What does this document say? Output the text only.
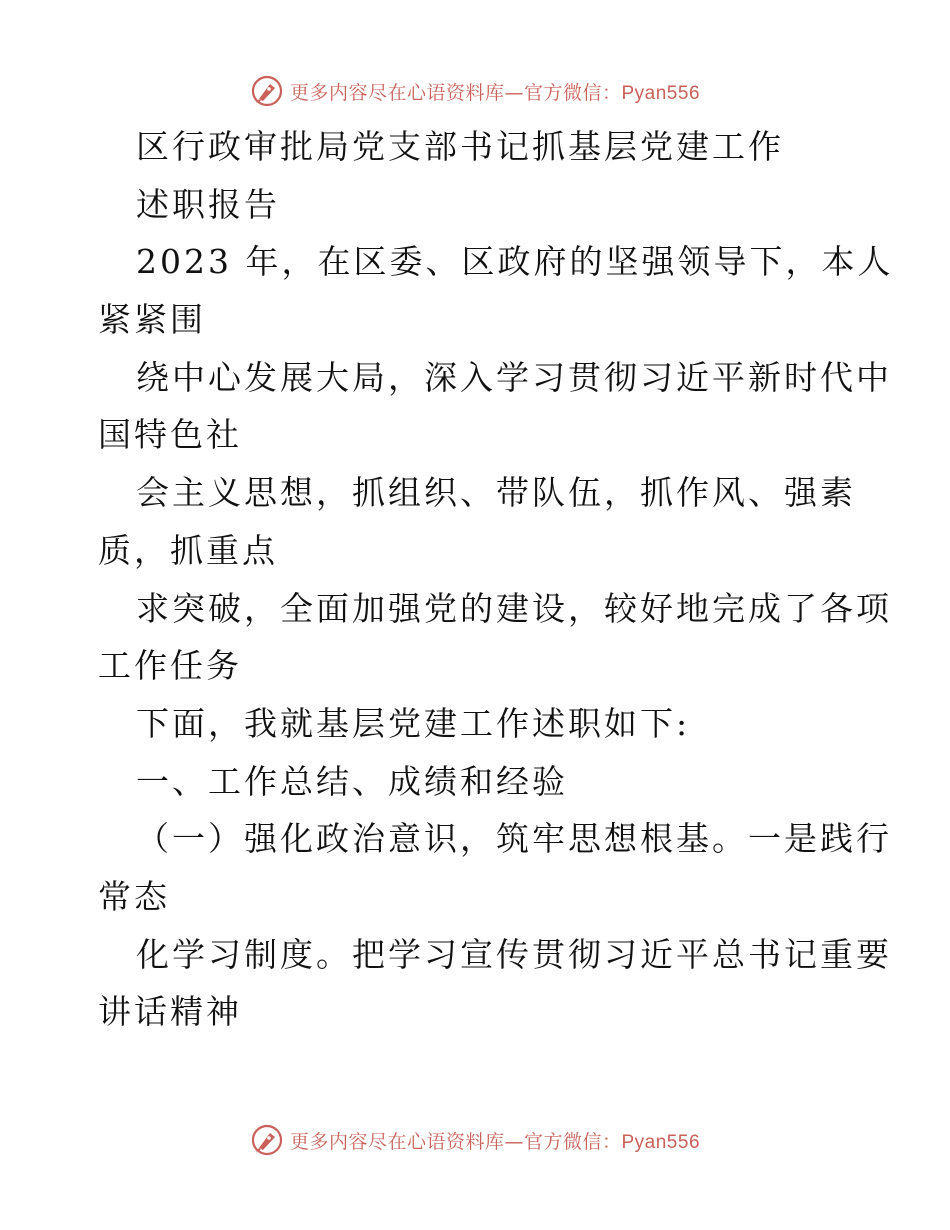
更多内容尽在心语资料库—官方微信：Pyan556
区行政审批局党支部书记抓基层党建工作
述职报告
2023 年，在区委、区政府的坚强领导下，本人
紧紧围
绕中心发展大局，深入学习贯彻习近平新时代中
国特色社
会主义思想，抓组织、带队伍，抓作风、强素
质，抓重点
求突破，全面加强党的建设，较好地完成了各项
工作任务
下面，我就基层党建工作述职如下:
一、工作总结、成绩和经验
（一）强化政治意识，筑牢思想根基。一是践行
常态
化学习制度。把学习宣传贯彻习近平总书记重要
讲话精神
更多内容尽在心语资料库—官方微信：Pyan556
